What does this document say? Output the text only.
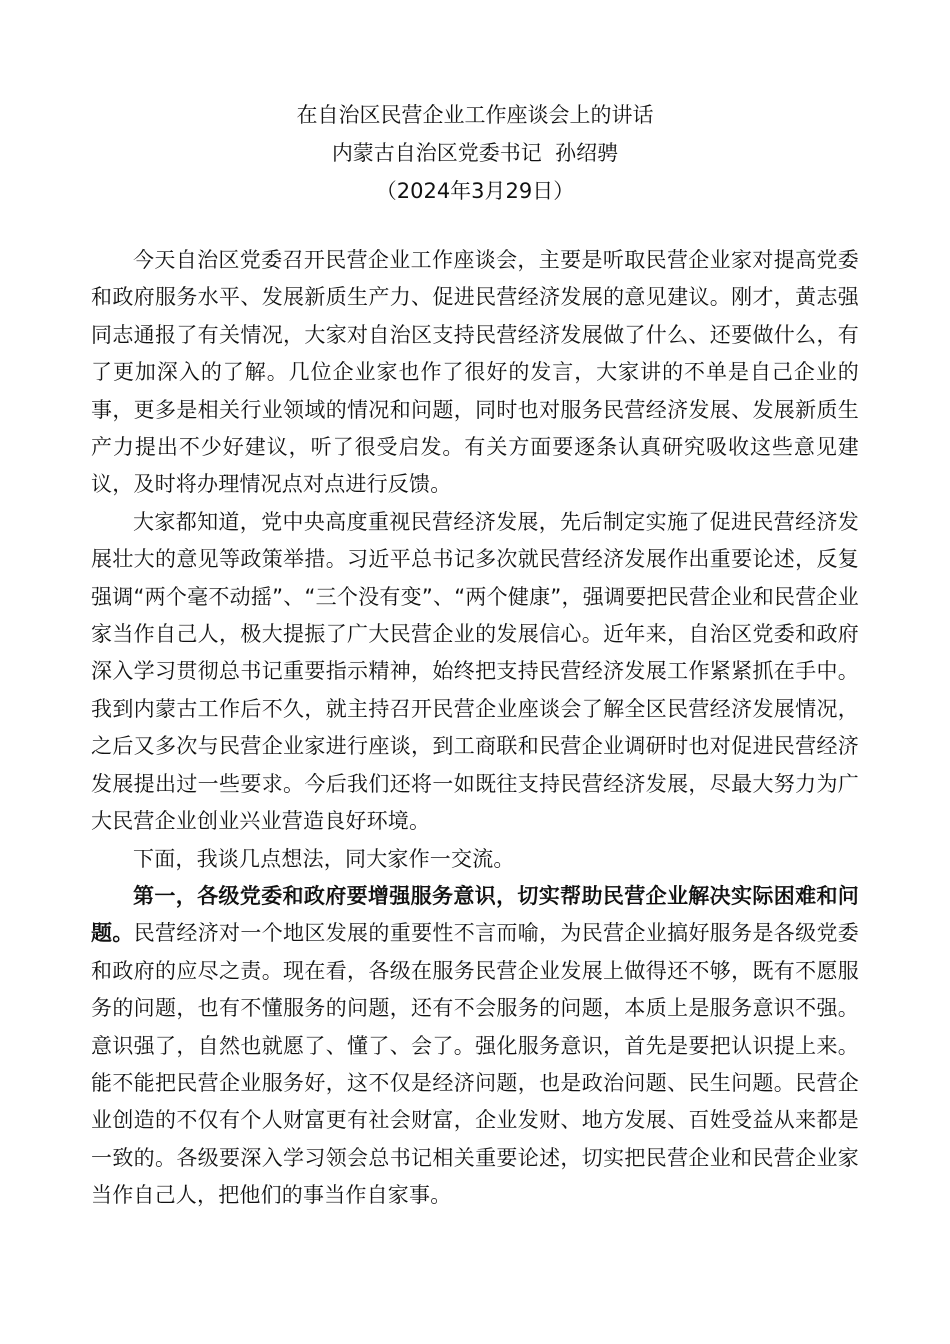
在自治区民营企业工作座谈会上的讲话
内蒙古自治区党委书记  孙绍骋
（2024年3月29日）

今天自治区党委召开民营企业工作座谈会，主要是听取民营企业家对提高党委和政府服务水平、发展新质生产力、促进民营经济发展的意见建议。刚才，黄志强同志通报了有关情况，大家对自治区支持民营经济发展做了什么、还要做什么，有了更加深入的了解。几位企业家也作了很好的发言，大家讲的不单是自己企业的事，更多是相关行业领域的情况和问题，同时也对服务民营经济发展、发展新质生产力提出不少好建议，听了很受启发。有关方面要逐条认真研究吸收这些意见建议，及时将办理情况点对点进行反馈。

大家都知道，党中央高度重视民营经济发展，先后制定实施了促进民营经济发展壮大的意见等政策举措。习近平总书记多次就民营经济发展作出重要论述，反复强调“两个毫不动摇”、“三个没有变”、“两个健康”，强调要把民营企业和民营企业家当作自己人，极大提振了广大民营企业的发展信心。近年来，自治区党委和政府深入学习贯彻总书记重要指示精神，始终把支持民营经济发展工作紧紧抓在手中。我到内蒙古工作后不久，就主持召开民营企业座谈会了解全区民营经济发展情况，之后又多次与民营企业家进行座谈，到工商联和民营企业调研时也对促进民营经济发展提出过一些要求。今后我们还将一如既往支持民营经济发展，尽最大努力为广大民营企业创业兴业营造良好环境。

下面，我谈几点想法，同大家作一交流。

第一，各级党委和政府要增强服务意识，切实帮助民营企业解决实际困难和问题。民营经济对一个地区发展的重要性不言而喻，为民营企业搞好服务是各级党委和政府的应尽之责。现在看，各级在服务民营企业发展上做得还不够，既有不愿服务的问题，也有不懂服务的问题，还有不会服务的问题，本质上是服务意识不强。意识强了，自然也就愿了、懂了、会了。强化服务意识，首先是要把认识提上来。能不能把民营企业服务好，这不仅是经济问题，也是政治问题、民生问题。民营企业创造的不仅有个人财富更有社会财富，企业发财、地方发展、百姓受益从来都是一致的。各级要深入学习领会总书记相关重要论述，切实把民营企业和民营企业家当作自己人，把他们的事当作自家事。
